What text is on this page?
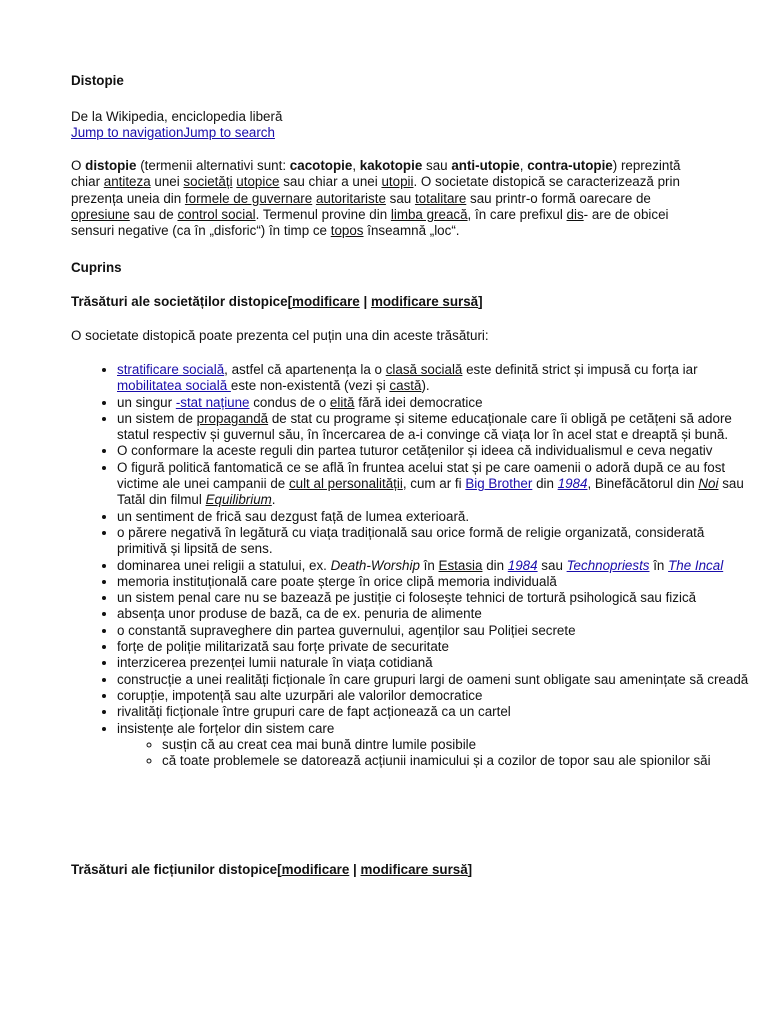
Distopie
De la Wikipedia, enciclopedia liberă
Jump to navigationJump to search

O distopie (termenii alternativi sunt: cacotopie, kakotopie sau anti-utopie, contra-utopie) reprezintă chiar antiteza unei societăți utopice sau chiar a unei utopii. O societate distopică se caracterizează prin prezența uneia din formele de guvernare autoritariste sau totalitare sau printr-o formă oarecare de opresiune sau de control social. Termenul provine din limba greacă, în care prefixul dis- are de obicei sensuri negative (ca în „disforic“) în timp ce topos înseamnă „loc“.

Cuprins
Trăsături ale societăților distopice[modificare | modificare sursă]
O societate distopică poate prezenta cel puțin una din aceste trăsături:
• stratificare socială, astfel că apartenența la o clasă socială este definită strict și impusă cu forța iar mobilitatea socială este non-existentă (vezi și castă).
• un singur -stat națiune condus de o elită fără idei democratice
• un sistem de propagandă de stat cu programe și siteme educaționale care îi obligă pe cetățeni să adore statul respectiv și guvernul său, în încercarea de a-i convinge că viața lor în acel stat e dreaptă și bună.
• O conformare la aceste reguli din partea tuturor cetățenilor și ideea că individualismul e ceva negativ
• O figură politică fantomatică ce se află în fruntea acelui stat și pe care oamenii o adoră după ce au fost victime ale unei campanii de cult al personalității, cum ar fi Big Brother din 1984, Binefăcătorul din Noi sau Tatăl din filmul Equilibrium.
• un sentiment de frică sau dezgust față de lumea exterioară.
• o părere negativă în legătură cu viața tradițională sau orice formă de religie organizată, considerată primitivă și lipsită de sens.
• dominarea unei religii a statului, ex. Death-Worship în Estasia din 1984 sau Technopriests în The Incal
• memoria instituțională care poate șterge în orice clipă memoria individuală
• un sistem penal care nu se bazează pe justiție ci folosește tehnici de tortură psihologică sau fizică
• absența unor produse de bază, ca de ex. penuria de alimente
• o constantă supraveghere din partea guvernului, agenților sau Poliției secrete
• forțe de poliție militarizată sau forțe private de securitate
• interzicerea prezenței lumii naturale în viața cotidiană
• construcție a unei realități ficționale în care grupuri largi de oameni sunt obligate sau amenințate să creadă
• corupție, impotență sau alte uzurpări ale valorilor democratice
• rivalități ficționale între grupuri care de fapt acționează ca un cartel
• insistențe ale forțelor din sistem care
◦ susțin că au creat cea mai bună dintre lumile posibile
◦ că toate problemele se datorează acțiunii inamicului și a cozilor de topor sau ale spionilor săi
Trăsături ale ficțiunilor distopice[modificare | modificare sursă]
